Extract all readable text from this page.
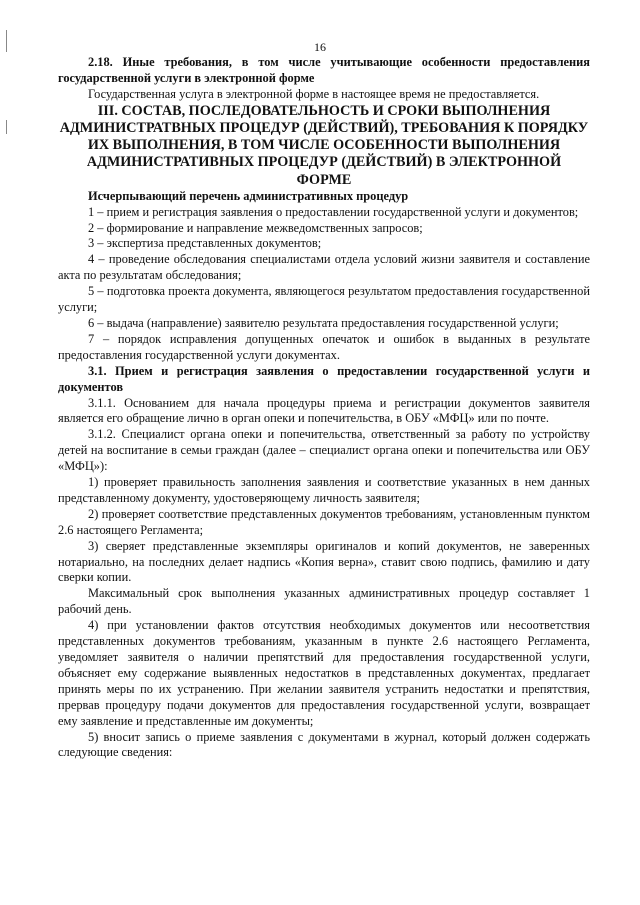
16

2.18. Иные требования, в том числе учитывающие особенности предоставления государственной услуги в электронной форме

Государственная услуга в электронной форме в настоящее время не предоставляется.

III. СОСТАВ, ПОСЛЕДОВАТЕЛЬНОСТЬ И СРОКИ ВЫПОЛНЕНИЯ АДМИНИСТРАТВНЫХ ПРОЦЕДУР (ДЕЙСТВИЙ), ТРЕБОВАНИЯ К ПОРЯДКУ ИХ ВЫПОЛНЕНИЯ, В ТОМ ЧИСЛЕ ОСОБЕННОСТИ ВЫПОЛНЕНИЯ АДМИНИСТРАТИВНЫХ ПРОЦЕДУР (ДЕЙСТВИЙ) В ЭЛЕКТРОННОЙ ФОРМЕ

Исчерпывающий перечень административных процедур

1 – прием и регистрация заявления о предоставлении государственной услуги и документов;

2 – формирование и направление межведомственных запросов;

3 – экспертиза представленных документов;

4 – проведение обследования специалистами отдела условий жизни заявителя и составление акта по результатам обследования;

5 – подготовка проекта документа, являющегося результатом предоставления государственной услуги;

6 – выдача (направление) заявителю результата предоставления государственной услуги;

7 – порядок исправления допущенных опечаток и ошибок в выданных в результате предоставления государственной услуги документах.

3.1. Прием и регистрация заявления о предоставлении государственной услуги и документов

3.1.1. Основанием для начала процедуры приема и регистрации документов заявителя является его обращение лично в орган опеки и попечительства, в ОБУ «МФЦ» или по почте.

3.1.2. Специалист органа опеки и попечительства, ответственный за работу по устройству детей на воспитание в семьи граждан (далее – специалист органа опеки и попечительства или ОБУ «МФЦ»):

1) проверяет правильность заполнения заявления и соответствие указанных в нем данных представленному документу, удостоверяющему личность заявителя;

2) проверяет соответствие представленных документов требованиям, установленным пунктом 2.6 настоящего Регламента;

3) сверяет представленные экземпляры оригиналов и копий документов, не заверенных нотариально, на последних делает надпись «Копия верна», ставит свою подпись, фамилию и дату сверки копии.

Максимальный срок выполнения указанных административных процедур составляет 1 рабочий день.

4) при установлении фактов отсутствия необходимых документов или несоответствия представленных документов требованиям, указанным в пункте 2.6 настоящего Регламента, уведомляет заявителя о наличии препятствий для предоставления государственной услуги, объясняет ему содержание выявленных недостатков в представленных документах, предлагает принять меры по их устранению. При желании заявителя устранить недостатки и препятствия, прервав процедуру подачи документов для предоставления государственной услуги, возвращает ему заявление и представленные им документы;

5) вносит запись о приеме заявления с документами в журнал, который должен содержать следующие сведения:
